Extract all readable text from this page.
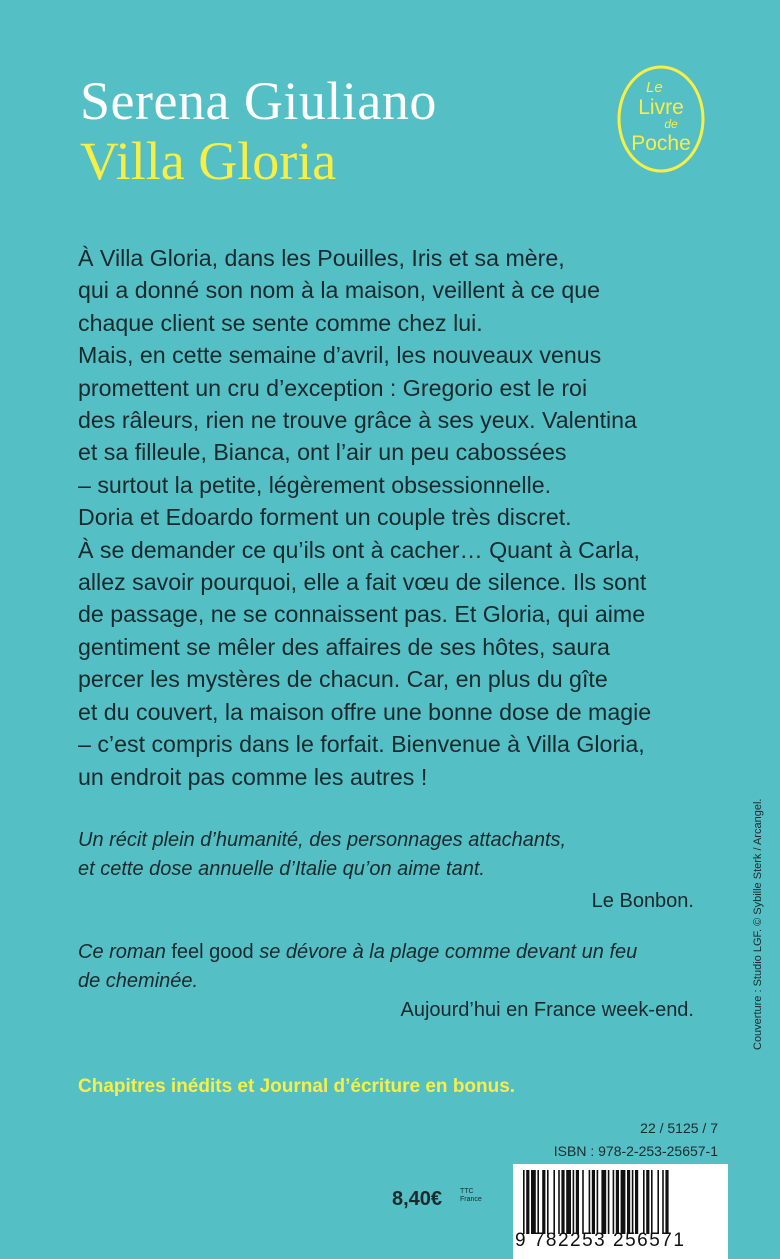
Serena Giuliano
Villa Gloria
Le
Livre
de
Poche
À Villa Gloria, dans les Pouilles, Iris et sa mère,
qui a donné son nom à la maison, veillent à ce que
chaque client se sente comme chez lui.
Mais, en cette semaine d’avril, les nouveaux venus
promettent un cru d’exception : Gregorio est le roi
des râleurs, rien ne trouve grâce à ses yeux. Valentina
et sa filleule, Bianca, ont l’air un peu cabossées
– surtout la petite, légèrement obsessionnelle.
Doria et Edoardo forment un couple très discret.
À se demander ce qu’ils ont à cacher… Quant à Carla,
allez savoir pourquoi, elle a fait vœu de silence. Ils sont
de passage, ne se connaissent pas. Et Gloria, qui aime
gentiment se mêler des affaires de ses hôtes, saura
percer les mystères de chacun. Car, en plus du gîte
et du couvert, la maison offre une bonne dose de magie
– c’est compris dans le forfait. Bienvenue à Villa Gloria,
un endroit pas comme les autres !
Un récit plein d’humanité, des personnages attachants,
et cette dose annuelle d’Italie qu’on aime tant.
Le Bonbon.
Ce roman feel good se dévore à la plage comme devant un feu
de cheminée.
Aujourd’hui en France week-end.
Chapitres inédits et Journal d’écriture en bonus.
22 / 5125 / 7
ISBN : 978-2-253-25657-1
8,40€	TTC
France
9 782253 256571
Couverture : Studio LGF. © Sybille Sterk / Arcangel.
